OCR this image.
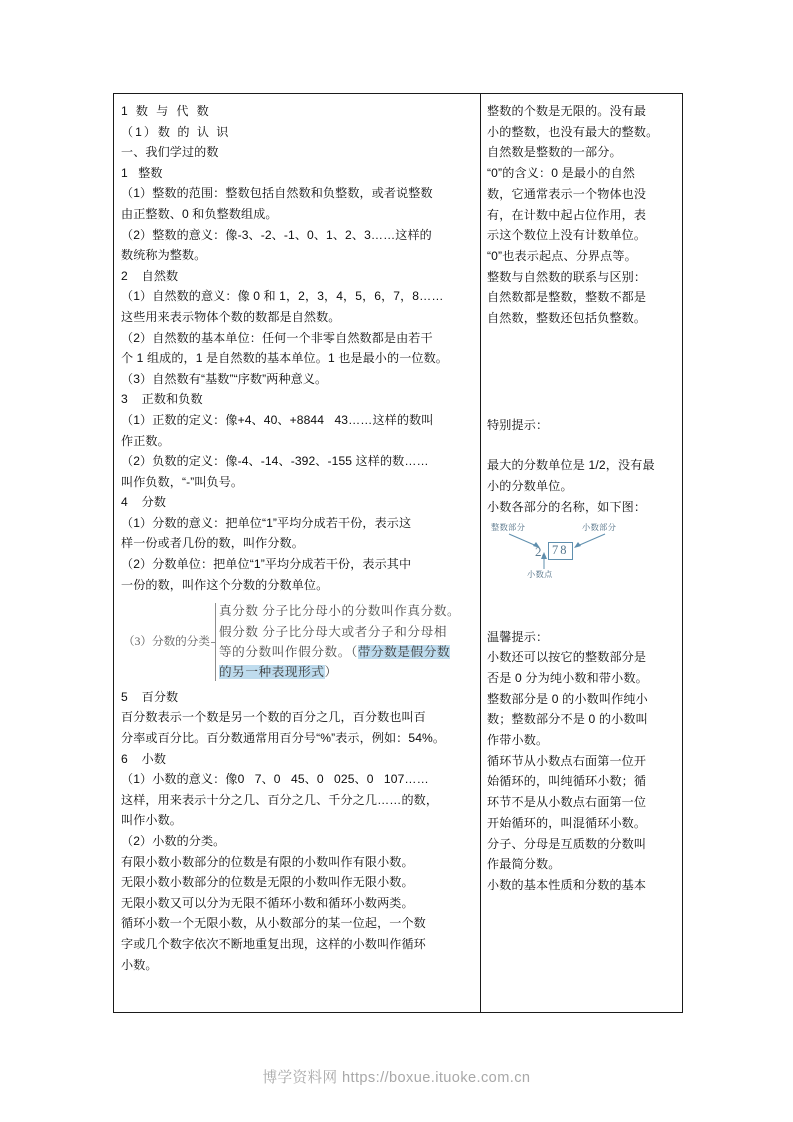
1 数 与 代 数
（1）数 的 认 识
一、我们学过的数
1   整数
（1）整数的范围：整数包括自然数和负整数，或者说整数
由正整数、0 和负整数组成。
（2）整数的意义：像-3、-2、-1、0、1、2、3……这样的
数统称为整数。
2    自然数
（1）自然数的意义：像 0 和 1，2，3，4，5，6，7，8……
这些用来表示物体个数的数都是自然数。
（2）自然数的基本单位：任何一个非零自然数都是由若干
个 1 组成的，1 是自然数的基本单位。1 也是最小的一位数。
（3）自然数有“基数”“序数”两种意义。
3    正数和负数
（1）正数的定义：像+4、40、+8844   43……这样的数叫
作正数。
（2）负数的定义：像-4、-14、-392、-155 这样的数……
叫作负数，“-”叫负号。
4    分数
（1）分数的意义：把单位“1”平均分成若干份，表示这
样一份或者几份的数，叫作分数。
（2）分数单位：把单位“1”平均分成若干份，表示其中
一份的数，叫作这个分数的分数单位。
（3）分数的分类
真分数 分子比分母小的分数叫作真分数。
假分数 分子比分母大或者分子和分母相
等的分数叫作假分数。（带分数是假分数
的另一种表现形式）
5    百分数
百分数表示一个数是另一个数的百分之几，百分数也叫百
分率或百分比。百分数通常用百分号“%”表示，例如：54%。
6    小数
（1）小数的意义：像0   7、0   45、0   025、0   107……
这样，用来表示十分之几、百分之几、千分之几……的数，
叫作小数。
（2）小数的分类。
有限小数小数部分的位数是有限的小数叫作有限小数。
无限小数小数部分的位数是无限的小数叫作无限小数。
无限小数又可以分为无限不循环小数和循环小数两类。
循环小数一个无限小数，从小数部分的某一位起，一个数
字或几个数字依次不断地重复出现，这样的小数叫作循环
小数。
整数的个数是无限的。没有最
小的整数，也没有最大的整数。
自然数是整数的一部分。
“0”的含义：0 是最小的自然
数，它通常表示一个物体也没
有，在计数中起占位作用，表
示这个数位上没有计数单位。
“0”也表示起点、分界点等。
整数与自然数的联系与区别：
自然数都是整数，整数不都是
自然数，整数还包括负整数。
特别提示：
最大的分数单位是 1/2，没有最
小的分数单位。
小数各部分的名称，如下图：
整数部分	小数部分
2. 78
小数点
温馨提示：
小数还可以按它的整数部分是
否是 0 分为纯小数和带小数。
整数部分是 0 的小数叫作纯小
数；整数部分不是 0 的小数叫
作带小数。
循环节从小数点右面第一位开
始循环的，叫纯循环小数；循
环节不是从小数点右面第一位
开始循环的，叫混循环小数。
分子、分母是互质数的分数叫
作最简分数。
小数的基本性质和分数的基本
博学资料网 https://boxue.ituoke.com.cn
